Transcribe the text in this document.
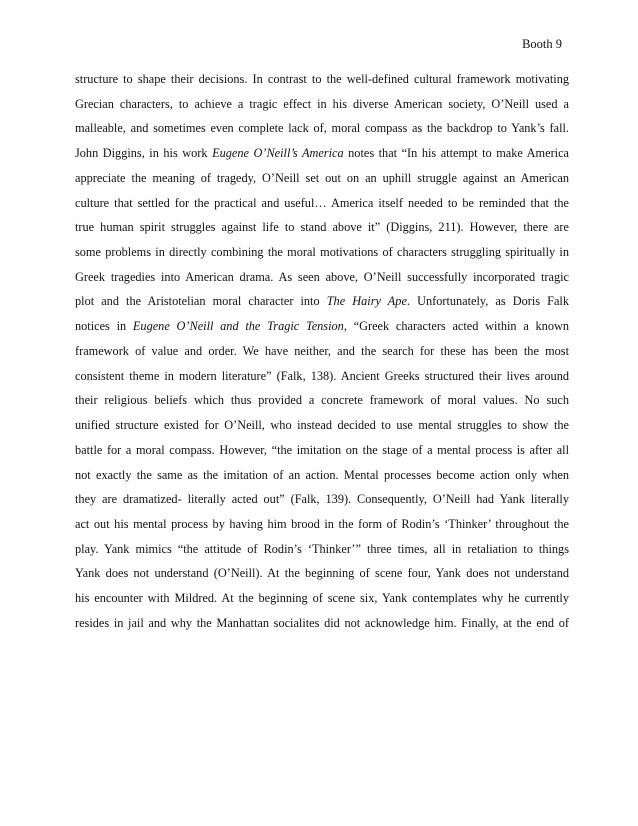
Booth 9
structure to shape their decisions. In contrast to the well-defined cultural framework motivating
Grecian characters, to achieve a tragic effect in his diverse American society, O’Neill used a
malleable, and sometimes even complete lack of, moral compass as the backdrop to Yank’s fall.
John Diggins, in his work Eugene O’Neill’s America notes that “In his attempt to make America
appreciate the meaning of tragedy, O’Neill set out on an uphill struggle against an American
culture that settled for the practical and useful… America itself needed to be reminded that the
true human spirit struggles against life to stand above it” (Diggins, 211). However, there are
some problems in directly combining the moral motivations of characters struggling spiritually in
Greek tragedies into American drama. As seen above, O’Neill successfully incorporated tragic
plot and the Aristotelian moral character into The Hairy Ape. Unfortunately, as Doris Falk
notices in Eugene O’Neill and the Tragic Tension, “Greek characters acted within a known
framework of value and order. We have neither, and the search for these has been the most
consistent theme in modern literature” (Falk, 138). Ancient Greeks structured their lives around
their religious beliefs which thus provided a concrete framework of moral values. No such
unified structure existed for O’Neill, who instead decided to use mental struggles to show the
battle for a moral compass. However, “the imitation on the stage of a mental process is after all
not exactly the same as the imitation of an action. Mental processes become action only when
they are dramatized- literally acted out” (Falk, 139). Consequently, O’Neill had Yank literally
act out his mental process by having him brood in the form of Rodin’s ‘Thinker’ throughout the
play. Yank mimics “the attitude of Rodin’s ‘Thinker’” three times, all in retaliation to things
Yank does not understand (O’Neill). At the beginning of scene four, Yank does not understand
his encounter with Mildred. At the beginning of scene six, Yank contemplates why he currently
resides in jail and why the Manhattan socialites did not acknowledge him. Finally, at the end of
